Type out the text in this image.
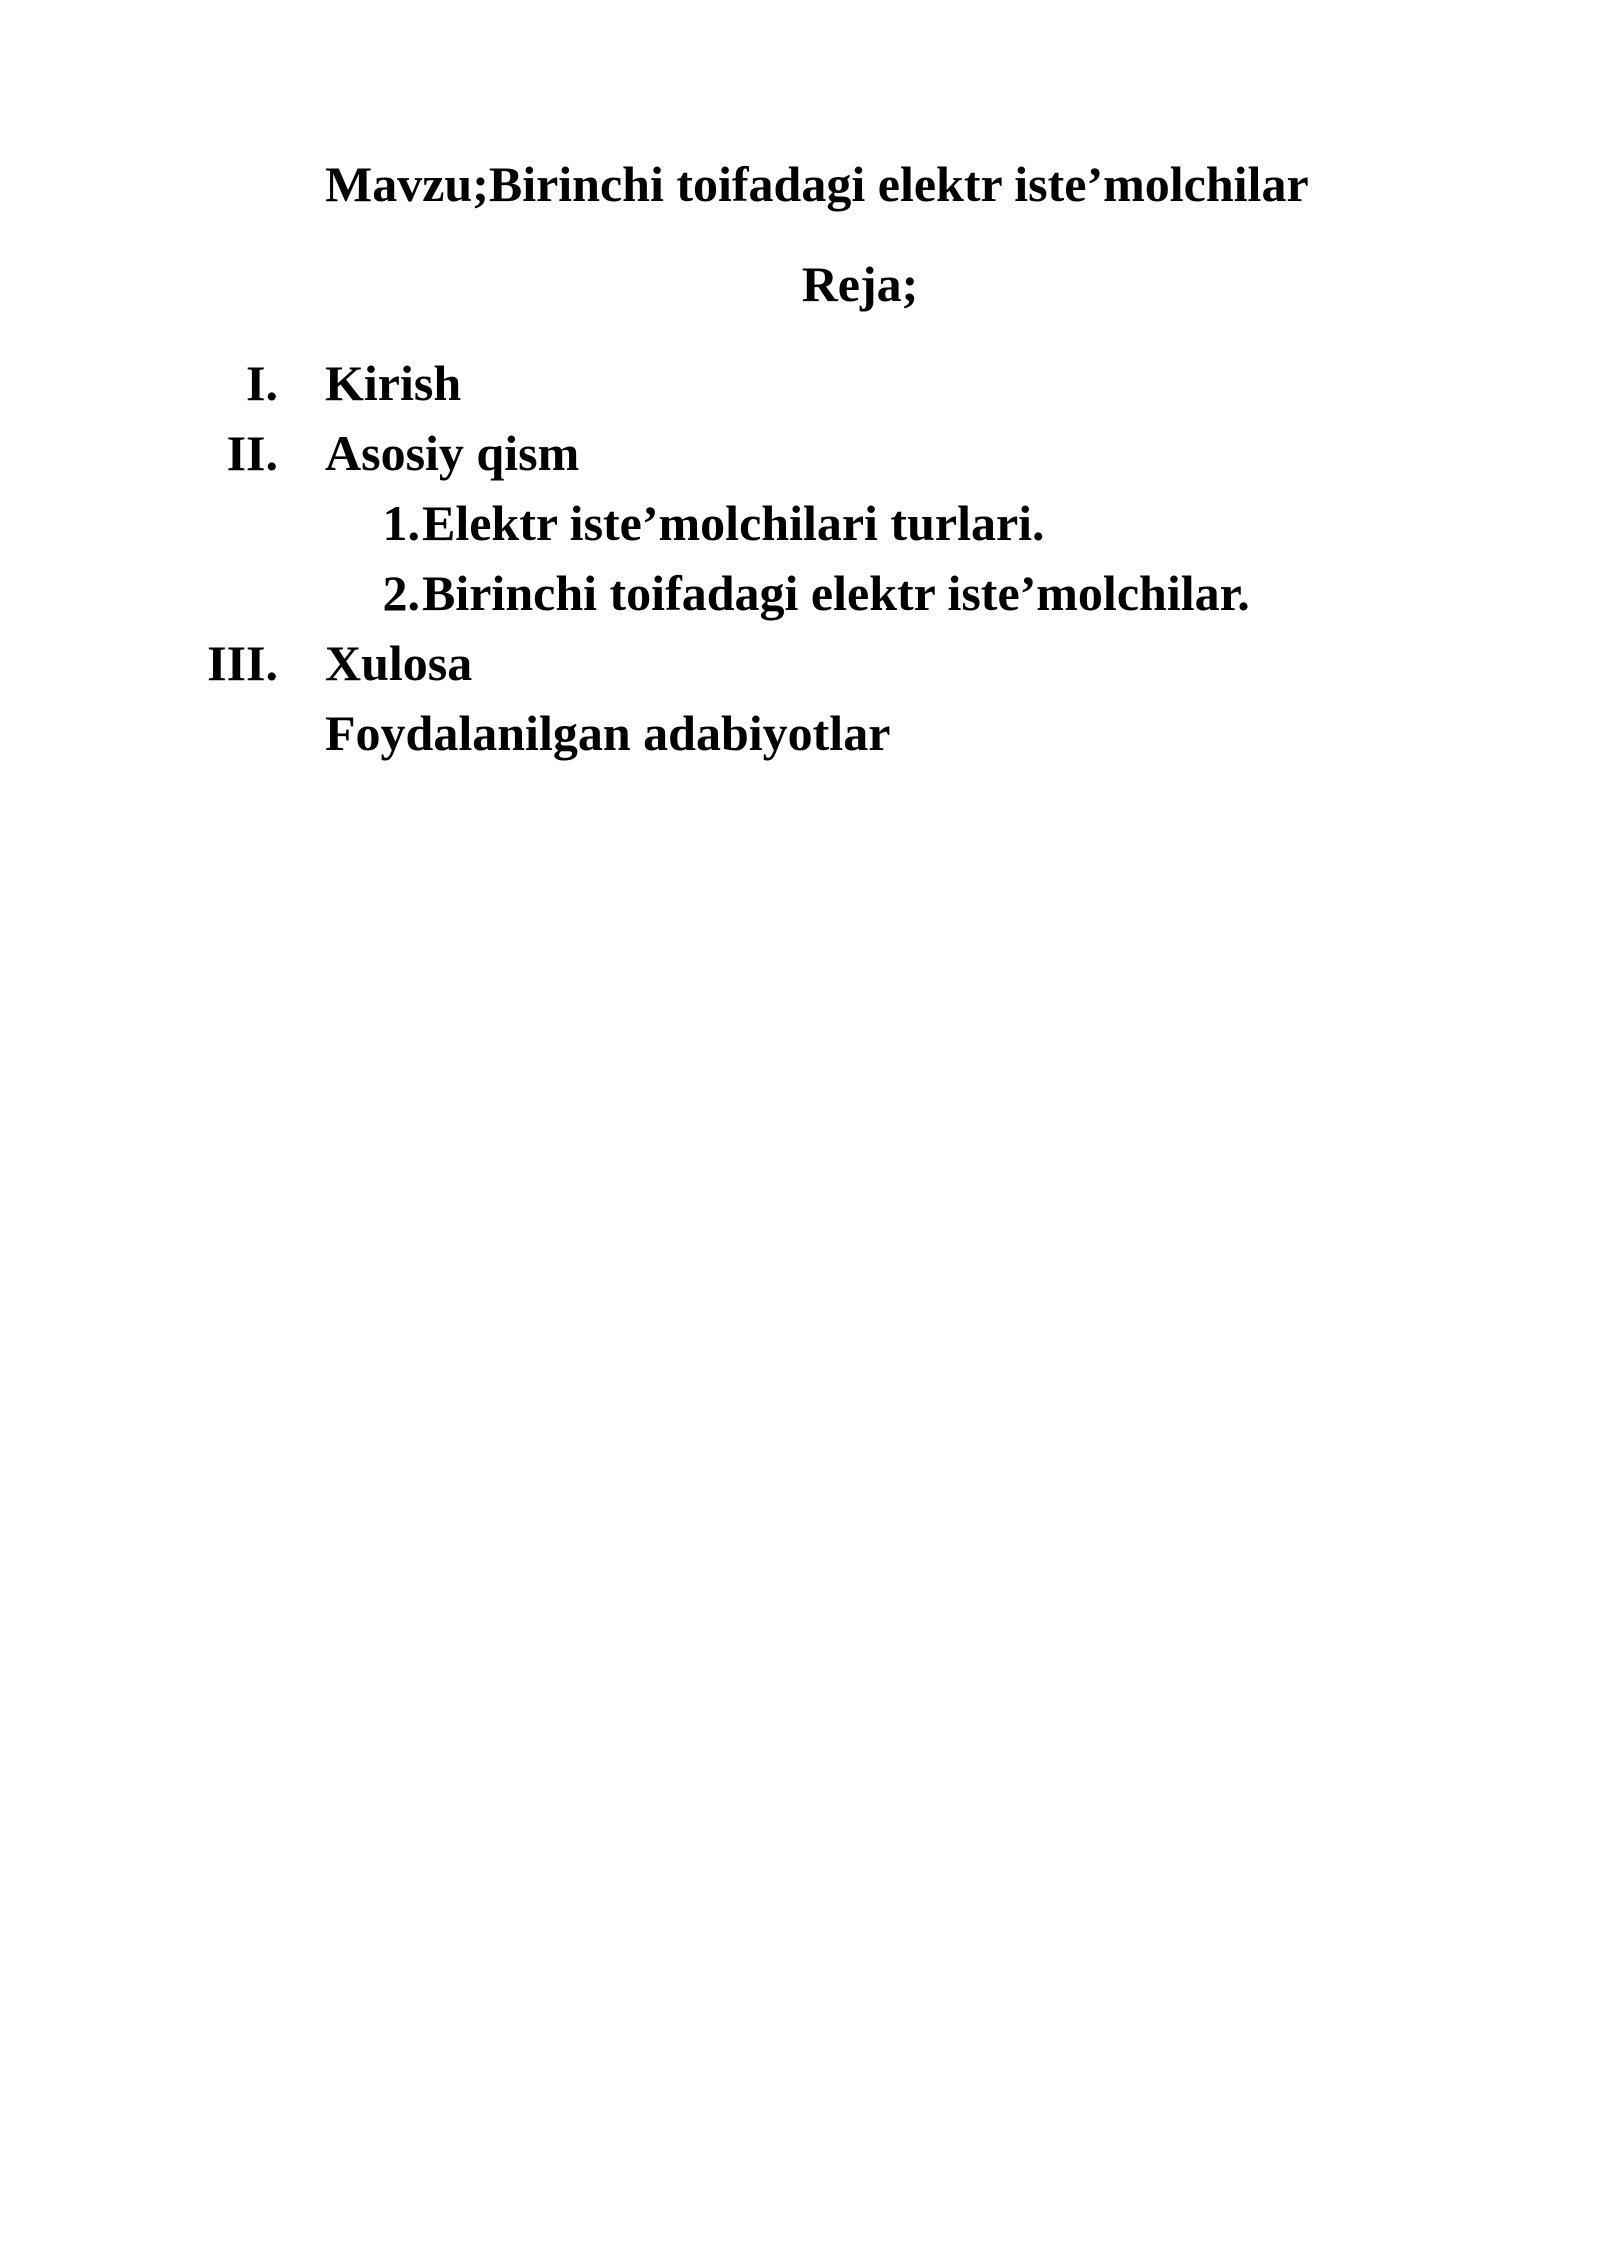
Mavzu;Birinchi toifadagi elektr iste’molchilar
Reja;
I. Kirish
II. Asosiy qism
1. Elektr iste’molchilari turlari.
2. Birinchi toifadagi elektr iste’molchilar.
III. Xulosa
Foydalanilgan adabiyotlar
